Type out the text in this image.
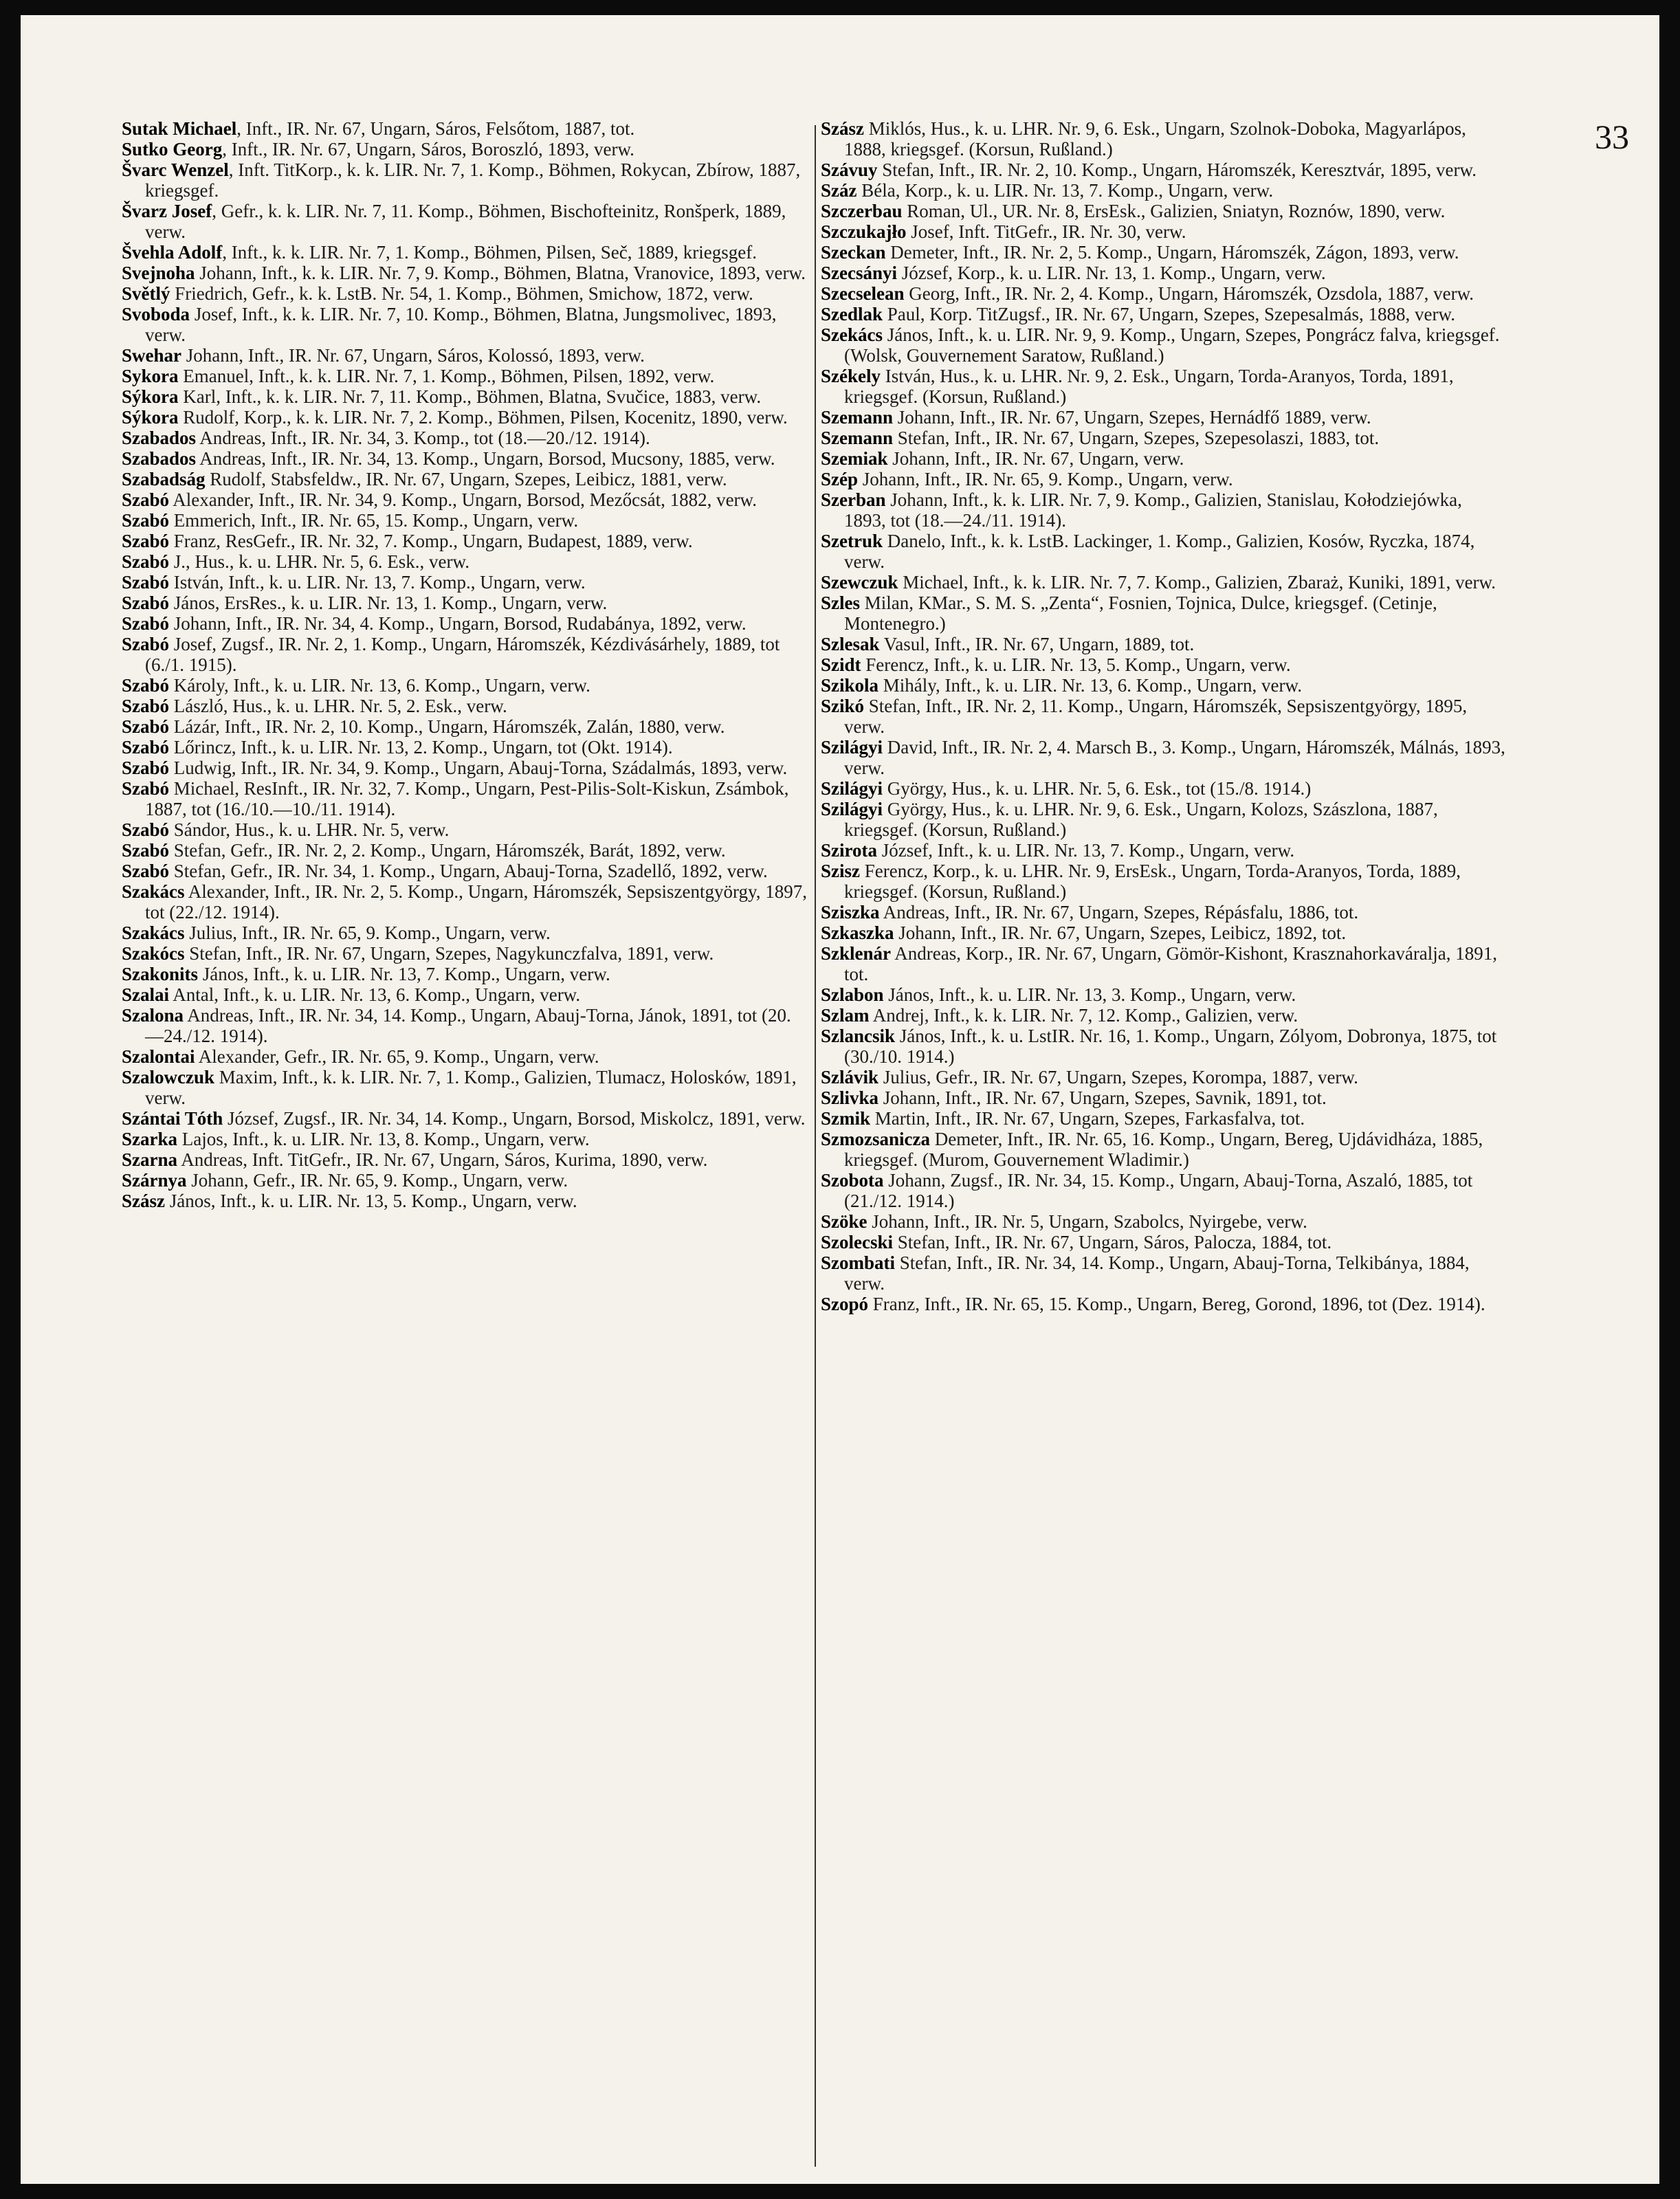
33

Sutak Michael, Inft., IR. Nr. 67, Ungarn, Sáros, Felsőtom, 1887, tot.

Sutko Georg, Inft., IR. Nr. 67, Ungarn, Sáros, Boroszló, 1893, verw.

Švarc Wenzel, Inft. TitKorp., k. k. LIR. Nr. 7, 1. Komp., Böhmen, Rokycan, Zbírow, 1887, kriegsgef.

Švarz Josef, Gefr., k. k. LIR. Nr. 7, 11. Komp., Böhmen, Bischofteinitz, Ronšperk, 1889, verw.

Švehla Adolf, Inft., k. k. LIR. Nr. 7, 1. Komp., Böhmen, Pilsen, Seč, 1889, kriegsgef.

Svejnoha Johann, Inft., k. k. LIR. Nr. 7, 9. Komp., Böhmen, Blatna, Vranovice, 1893, verw.

Světlý Friedrich, Gefr., k. k. LstB. Nr. 54, 1. Komp., Böhmen, Smichow, 1872, verw.

Svoboda Josef, Inft., k. k. LIR. Nr. 7, 10. Komp., Böhmen, Blatna, Jungsmolivec, 1893, verw.

Swehar Johann, Inft., IR. Nr. 67, Ungarn, Sáros, Kolossó, 1893, verw.

Sykora Emanuel, Inft., k. k. LIR. Nr. 7, 1. Komp., Böhmen, Pilsen, 1892, verw.

Sýkora Karl, Inft., k. k. LIR. Nr. 7, 11. Komp., Böhmen, Blatna, Svučice, 1883, verw.

Sýkora Rudolf, Korp., k. k. LIR. Nr. 7, 2. Komp., Böhmen, Pilsen, Kocenitz, 1890, verw.

Szabados Andreas, Inft., IR. Nr. 34, 3. Komp., tot (18.—20./12. 1914).

Szabados Andreas, Inft., IR. Nr. 34, 13. Komp., Ungarn, Borsod, Mucsony, 1885, verw.

Szabadság Rudolf, Stabsfeldw., IR. Nr. 67, Ungarn, Szepes, Leibicz, 1881, verw.

Szabó Alexander, Inft., IR. Nr. 34, 9. Komp., Ungarn, Borsod, Mezőcsát, 1882, verw.

Szabó Emmerich, Inft., IR. Nr. 65, 15. Komp., Ungarn, verw.

Szabó Franz, ResGefr., IR. Nr. 32, 7. Komp., Ungarn, Budapest, 1889, verw.

Szabó J., Hus., k. u. LHR. Nr. 5, 6. Esk., verw.

Szabó István, Inft., k. u. LIR. Nr. 13, 7. Komp., Ungarn, verw.

Szabó János, ErsRes., k. u. LIR. Nr. 13, 1. Komp., Ungarn, verw.

Szabó Johann, Inft., IR. Nr. 34, 4. Komp., Ungarn, Borsod, Rudabánya, 1892, verw.

Szabó Josef, Zugsf., IR. Nr. 2, 1. Komp., Ungarn, Háromszék, Kézdivásárhely, 1889, tot (6./1. 1915).

Szabó Károly, Inft., k. u. LIR. Nr. 13, 6. Komp., Ungarn, verw.

Szabó László, Hus., k. u. LHR. Nr. 5, 2. Esk., verw.

Szabó Lázár, Inft., IR. Nr. 2, 10. Komp., Ungarn, Háromszék, Zalán, 1880, verw.

Szabó Lőrincz, Inft., k. u. LIR. Nr. 13, 2. Komp., Ungarn, tot (Okt. 1914).

Szabó Ludwig, Inft., IR. Nr. 34, 9. Komp., Ungarn, Abauj-Torna, Szádalmás, 1893, verw.

Szabó Michael, ResInft., IR. Nr. 32, 7. Komp., Ungarn, Pest-Pilis-Solt-Kiskun, Zsámbok, 1887, tot (16./10.—10./11. 1914).

Szabó Sándor, Hus., k. u. LHR. Nr. 5, verw.

Szabó Stefan, Gefr., IR. Nr. 2, 2. Komp., Ungarn, Háromszék, Barát, 1892, verw.

Szabó Stefan, Gefr., IR. Nr. 34, 1. Komp., Ungarn, Abauj-Torna, Szadellő, 1892, verw.

Szakács Alexander, Inft., IR. Nr. 2, 5. Komp., Ungarn, Háromszék, Sepsiszentgyörgy, 1897, tot (22./12. 1914).

Szakács Julius, Inft., IR. Nr. 65, 9. Komp., Ungarn, verw.

Szakócs Stefan, Inft., IR. Nr. 67, Ungarn, Szepes, Nagykunczfalva, 1891, verw.

Szakonits János, Inft., k. u. LIR. Nr. 13, 7. Komp., Ungarn, verw.

Szalai Antal, Inft., k. u. LIR. Nr. 13, 6. Komp., Ungarn, verw.

Szalona Andreas, Inft., IR. Nr. 34, 14. Komp., Ungarn, Abauj-Torna, Jánok, 1891, tot (20.—24./12. 1914).

Szalontai Alexander, Gefr., IR. Nr. 65, 9. Komp., Ungarn, verw.

Szalowczuk Maxim, Inft., k. k. LIR. Nr. 7, 1. Komp., Galizien, Tlumacz, Holosków, 1891, verw.

Szántai Tóth József, Zugsf., IR. Nr. 34, 14. Komp., Ungarn, Borsod, Miskolcz, 1891, verw.

Szarka Lajos, Inft., k. u. LIR. Nr. 13, 8. Komp., Ungarn, verw.

Szarna Andreas, Inft. TitGefr., IR. Nr. 67, Ungarn, Sáros, Kurima, 1890, verw.

Szárnya Johann, Gefr., IR. Nr. 65, 9. Komp., Ungarn, verw.

Szász János, Inft., k. u. LIR. Nr. 13, 5. Komp., Ungarn, verw.

Szász Miklós, Hus., k. u. LHR. Nr. 9, 6. Esk., Ungarn, Szolnok-Doboka, Magyarlápos, 1888, kriegsgef. (Korsun, Rußland.)

Szávuy Stefan, Inft., IR. Nr. 2, 10. Komp., Ungarn, Háromszék, Keresztvár, 1895, verw.

Száz Béla, Korp., k. u. LIR. Nr. 13, 7. Komp., Ungarn, verw.

Szczerbau Roman, Ul., UR. Nr. 8, ErsEsk., Galizien, Sniatyn, Roznów, 1890, verw.

Szczukajło Josef, Inft. TitGefr., IR. Nr. 30, verw.

Szeckan Demeter, Inft., IR. Nr. 2, 5. Komp., Ungarn, Háromszék, Zágon, 1893, verw.

Szecsányi József, Korp., k. u. LIR. Nr. 13, 1. Komp., Ungarn, verw.

Szecselean Georg, Inft., IR. Nr. 2, 4. Komp., Ungarn, Háromszék, Ozsdola, 1887, verw.

Szedlak Paul, Korp. TitZugsf., IR. Nr. 67, Ungarn, Szepes, Szepesalmás, 1888, verw.

Szekács János, Inft., k. u. LIR. Nr. 9, 9. Komp., Ungarn, Szepes, Pongrácz falva, kriegsgef. (Wolsk, Gouvernement Saratow, Rußland.)

Székely István, Hus., k. u. LHR. Nr. 9, 2. Esk., Ungarn, Torda-Aranyos, Torda, 1891, kriegsgef. (Korsun, Rußland.)

Szemann Johann, Inft., IR. Nr. 67, Ungarn, Szepes, Hernádfő 1889, verw.

Szemann Stefan, Inft., IR. Nr. 67, Ungarn, Szepes, Szepesolaszi, 1883, tot.

Szemiak Johann, Inft., IR. Nr. 67, Ungarn, verw.

Szép Johann, Inft., IR. Nr. 65, 9. Komp., Ungarn, verw.

Szerban Johann, Inft., k. k. LIR. Nr. 7, 9. Komp., Galizien, Stanislau, Kołodziejówka, 1893, tot (18.—24./11. 1914).

Szetruk Danelo, Inft., k. k. LstB. Lackinger, 1. Komp., Galizien, Kosów, Ryczka, 1874, verw.

Szewczuk Michael, Inft., k. k. LIR. Nr. 7, 7. Komp., Galizien, Zbaraż, Kuniki, 1891, verw.

Szles Milan, KMar., S. M. S. „Zenta“, Fosnien, Tojnica, Dulce, kriegsgef. (Cetinje, Montenegro.)

Szlesak Vasul, Inft., IR. Nr. 67, Ungarn, 1889, tot.

Szidt Ferencz, Inft., k. u. LIR. Nr. 13, 5. Komp., Ungarn, verw.

Szikola Mihály, Inft., k. u. LIR. Nr. 13, 6. Komp., Ungarn, verw.

Szikó Stefan, Inft., IR. Nr. 2, 11. Komp., Ungarn, Háromszék, Sepsiszentgyörgy, 1895, verw.

Szilágyi David, Inft., IR. Nr. 2, 4. Marsch B., 3. Komp., Ungarn, Háromszék, Málnás, 1893, verw.

Szilágyi György, Hus., k. u. LHR. Nr. 5, 6. Esk., tot (15./8. 1914.)

Szilágyi György, Hus., k. u. LHR. Nr. 9, 6. Esk., Ungarn, Kolozs, Szászlona, 1887, kriegsgef. (Korsun, Rußland.)

Szirota József, Inft., k. u. LIR. Nr. 13, 7. Komp., Ungarn, verw.

Szisz Ferencz, Korp., k. u. LHR. Nr. 9, ErsEsk., Ungarn, Torda-Aranyos, Torda, 1889, kriegsgef. (Korsun, Rußland.)

Sziszka Andreas, Inft., IR. Nr. 67, Ungarn, Szepes, Répásfalu, 1886, tot.

Szkaszka Johann, Inft., IR. Nr. 67, Ungarn, Szepes, Leibicz, 1892, tot.

Szklenár Andreas, Korp., IR. Nr. 67, Ungarn, Gömör-Kishont, Krasznahorkaváralja, 1891, tot.

Szlabon János, Inft., k. u. LIR. Nr. 13, 3. Komp., Ungarn, verw.

Szlam Andrej, Inft., k. k. LIR. Nr. 7, 12. Komp., Galizien, verw.

Szlancsik János, Inft., k. u. LstIR. Nr. 16, 1. Komp., Ungarn, Zólyom, Dobronya, 1875, tot (30./10. 1914.)

Szlávik Julius, Gefr., IR. Nr. 67, Ungarn, Szepes, Korompa, 1887, verw.

Szlivka Johann, Inft., IR. Nr. 67, Ungarn, Szepes, Savnik, 1891, tot.

Szmik Martin, Inft., IR. Nr. 67, Ungarn, Szepes, Farkasfalva, tot.

Szmozsanicza Demeter, Inft., IR. Nr. 65, 16. Komp., Ungarn, Bereg, Ujdávidháza, 1885, kriegsgef. (Murom, Gouvernement Wladimir.)

Szobota Johann, Zugsf., IR. Nr. 34, 15. Komp., Ungarn, Abauj-Torna, Aszaló, 1885, tot (21./12. 1914.)

Szöke Johann, Inft., IR. Nr. 5, Ungarn, Szabolcs, Nyirgebe, verw.

Szolecski Stefan, Inft., IR. Nr. 67, Ungarn, Sáros, Palocza, 1884, tot.

Szombati Stefan, Inft., IR. Nr. 34, 14. Komp., Ungarn, Abauj-Torna, Telkibánya, 1884, verw.

Szopó Franz, Inft., IR. Nr. 65, 15. Komp., Ungarn, Bereg, Gorond, 1896, tot (Dez. 1914).
